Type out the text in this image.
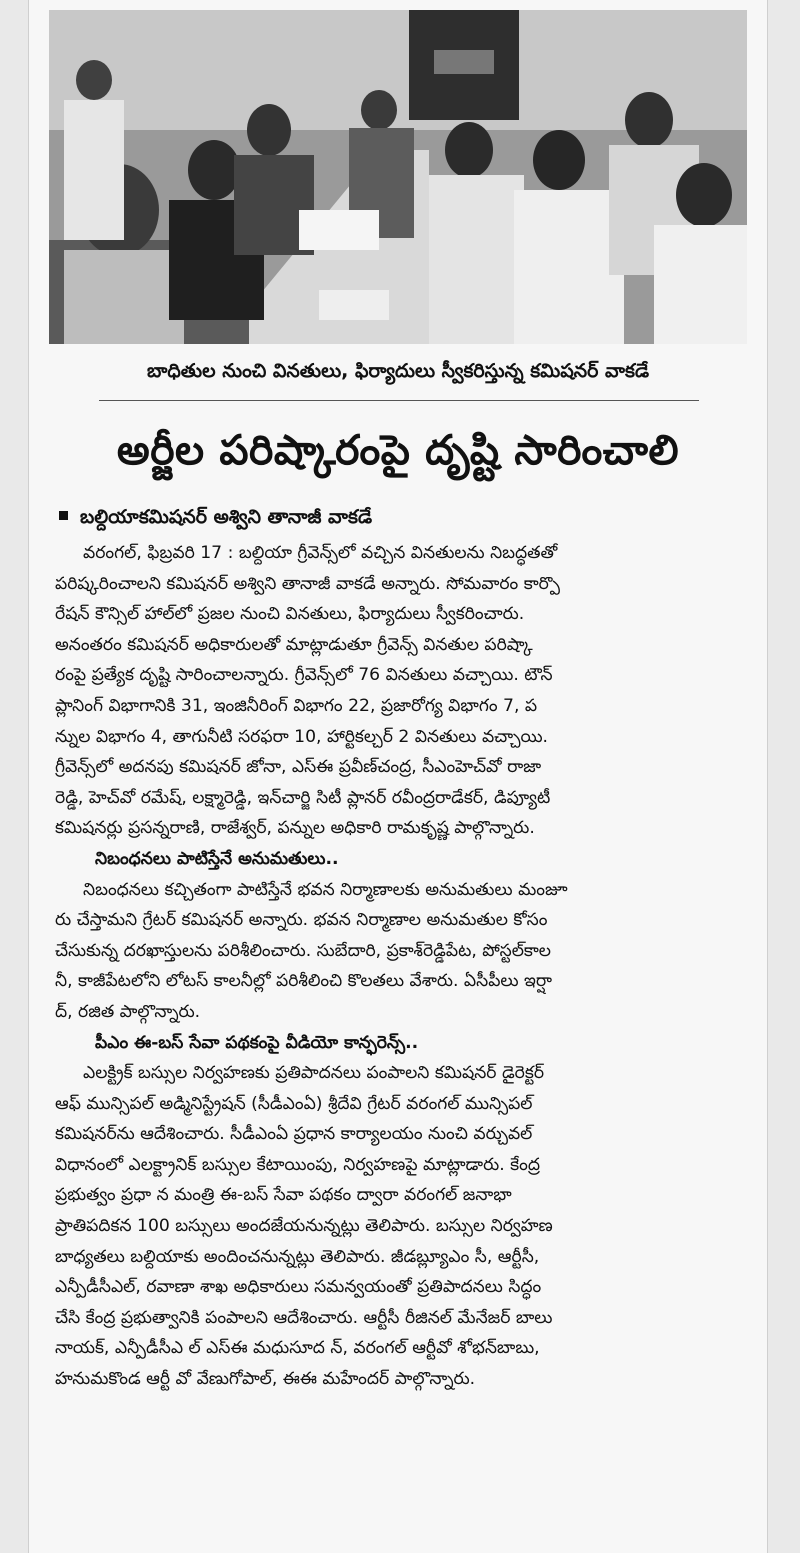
బాధితుల నుంచి వినతులు, ఫిర్యాదులు స్వీకరిస్తున్న కమిషనర్ వాకడే
అర్జీల పరిష్కారంపై దృష్టి సారించాలి
బల్దియాకమిషనర్ అశ్విని తానాజీ వాకడే
వరంగల్, ఫిబ్రవరి 17 : బల్దియా గ్రీవెన్స్‌లో వచ్చిన వినతులను నిబద్ధతతో
పరిష్కరించాలని కమిషనర్ అశ్విని తానాజీ వాకడే అన్నారు. సోమవారం కార్పొ
రేషన్ కౌన్సిల్ హాల్‌లో ప్రజల నుంచి వినతులు, ఫిర్యాదులు స్వీకరించారు.
అనంతరం కమిషనర్ అధికారులతో మాట్లాడుతూ గ్రీవెన్స్ వినతుల పరిష్కా
రంపై ప్రత్యేక దృష్టి సారించాలన్నారు. గ్రీవెన్స్‌లో 76 వినతులు వచ్చాయి. టౌన్
ప్లానింగ్ విభాగానికి 31, ఇంజినీరింగ్ విభాగం 22, ప్రజారోగ్య విభాగం 7, ప
న్నుల విభాగం 4, తాగునీటి సరఫరా 10, హార్టికల్చర్ 2 వినతులు వచ్చాయి.
గ్రీవెన్స్‌లో అదనపు కమిషనర్ జోనా, ఎస్ఈ ప్రవీణ్‌చంద్ర, సీఎంహెచ్‌వో రాజా
రెడ్డి, హెచ్‌వో రమేష్, లక్ష్మారెడ్డి, ఇన్‌చార్జి సిటీ ప్లానర్ రవీంద్రరాడేకర్, డిప్యూటీ
కమిషనర్లు ప్రసన్నరాణి, రాజేశ్వర్, పన్నుల అధికారి రామకృష్ణ పాల్గొన్నారు.
నిబంధనలు పాటిస్తేనే అనుమతులు..
నిబంధనలు కచ్చితంగా పాటిస్తేనే భవన నిర్మాణాలకు అనుమతులు మంజూ
రు చేస్తామని గ్రేటర్ కమిషనర్ అన్నారు. భవన నిర్మాణాల అనుమతుల కోసం
చేసుకున్న దరఖాస్తులను పరిశీలించారు. సుబేదారి, ప్రకాశ్‌రెడ్డిపేట, పోస్టల్‌కాల
నీ, కాజీపేటలోని లోటస్ కాలనీల్లో పరిశీలించి కొలతలు వేశారు. ఏసీపీలు ఇర్షా
ద్, రజిత పాల్గొన్నారు.
పీఎం ఈ-బస్ సేవా పథకంపై వీడియో కాన్ఫరెన్స్..
ఎలక్ట్రిక్ బస్సుల నిర్వహణకు ప్రతిపాదనలు పంపాలని కమిషనర్ డైరెక్టర్
ఆఫ్ మున్సిపల్ అడ్మినిస్ట్రేషన్ (సీడీఎంఏ) శ్రీదేవి గ్రేటర్ వరంగల్ మున్సిపల్
కమిషనర్‌ను ఆదేశించారు. సీడీఎంఏ ప్రధాన కార్యాలయం నుంచి వర్చువల్
విధానంలో ఎలక్ట్రానిక్ బస్సుల కేటాయింపు, నిర్వహణపై మాట్లాడారు. కేంద్ర
ప్రభుత్వం ప్రధా న మంత్రి ఈ-బస్ సేవా పథకం ద్వారా వరంగల్ జనాభా
ప్రాతిపదికన 100 బస్సులు అందజేయనున్నట్లు తెలిపారు. బస్సుల నిర్వహణ
బాధ్యతలు బల్దియాకు అందించనున్నట్లు తెలిపారు. జీడబ్ల్యూఎం సీ, ఆర్టీసీ,
ఎన్పీడీసీఎల్, రవాణా శాఖ అధికారులు సమన్వయంతో ప్రతిపాదనలు సిద్ధం
చేసి కేంద్ర ప్రభుత్వానికి పంపాలని ఆదేశించారు. ఆర్టీసీ రీజినల్ మేనేజర్ బాలు
నాయక్, ఎన్పీడీసీఎ ల్ ఎస్ఈ మధుసూద న్, వరంగల్ ఆర్టీవో శోభన్‌బాబు,
హనుమకొండ ఆర్టీ వో వేణుగోపాల్, ఈఈ మహేందర్ పాల్గొన్నారు.
